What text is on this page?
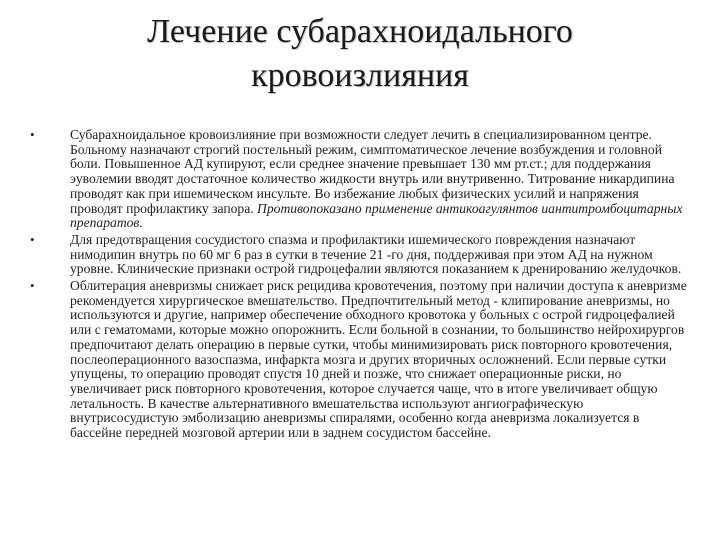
Лечение субарахноидального
кровоизлияния
•	Субарахноидальное кровоизлияние при возможности следует лечить в специализированном центре. Больному назначают строгий постельный режим, симптоматическое лечение возбуждения и головной боли. Повышенное АД купируют, если среднее значение превышает 130 мм рт.ст.; для поддержания эуволемии вводят достаточное количество жидкости внутрь или внутривенно. Титрование никардипина проводят как при ишемическом инсульте. Во избежание любых физических усилий и напряжения проводят профилактику запора. Противопоказано применение антикоагулянтов иантитромбоцитарных препаратов.
•	Для предотвращения сосудистого спазма и профилактики ишемического повреждения назначают нимодипин внутрь по 60 мг 6 раз в сутки в течение 21 -го дня, поддерживая при этом АД на нужном уровне. Клинические признаки острой гидроцефалии являются показанием к дренированию желудочков.
•	Облитерация аневризмы снижает риск рецидива кровотечения, поэтому при наличии доступа к аневризме рекомендуется хирургическое вмешательство. Предпочтительный метод - клипирование аневризмы, но используются и другие, например обеспечение обходного кровотока у больных с острой гидроцефалией или с гематомами, которые можно опорожнить. Если больной в сознании, то большинство нейрохирургов предпочитают делать операцию в первые сутки, чтобы минимизировать риск повторного кровотечения, послеоперационного вазоспазма, инфаркта мозга и других вторичных осложнений. Если первые сутки упущены, то операцию проводят спустя 10 дней и позже, что снижает операционные риски, но увеличивает риск повторного кровотечения, которое случается чаще, что в итоге увеличивает общую летальность. В качестве альтернативного вмешательства используют ангиографическую внутрисосудистую эмболизацию аневризмы спиралями, особенно когда аневризма локализуется в бассейне передней мозговой артерии или в заднем сосудистом бассейне.
